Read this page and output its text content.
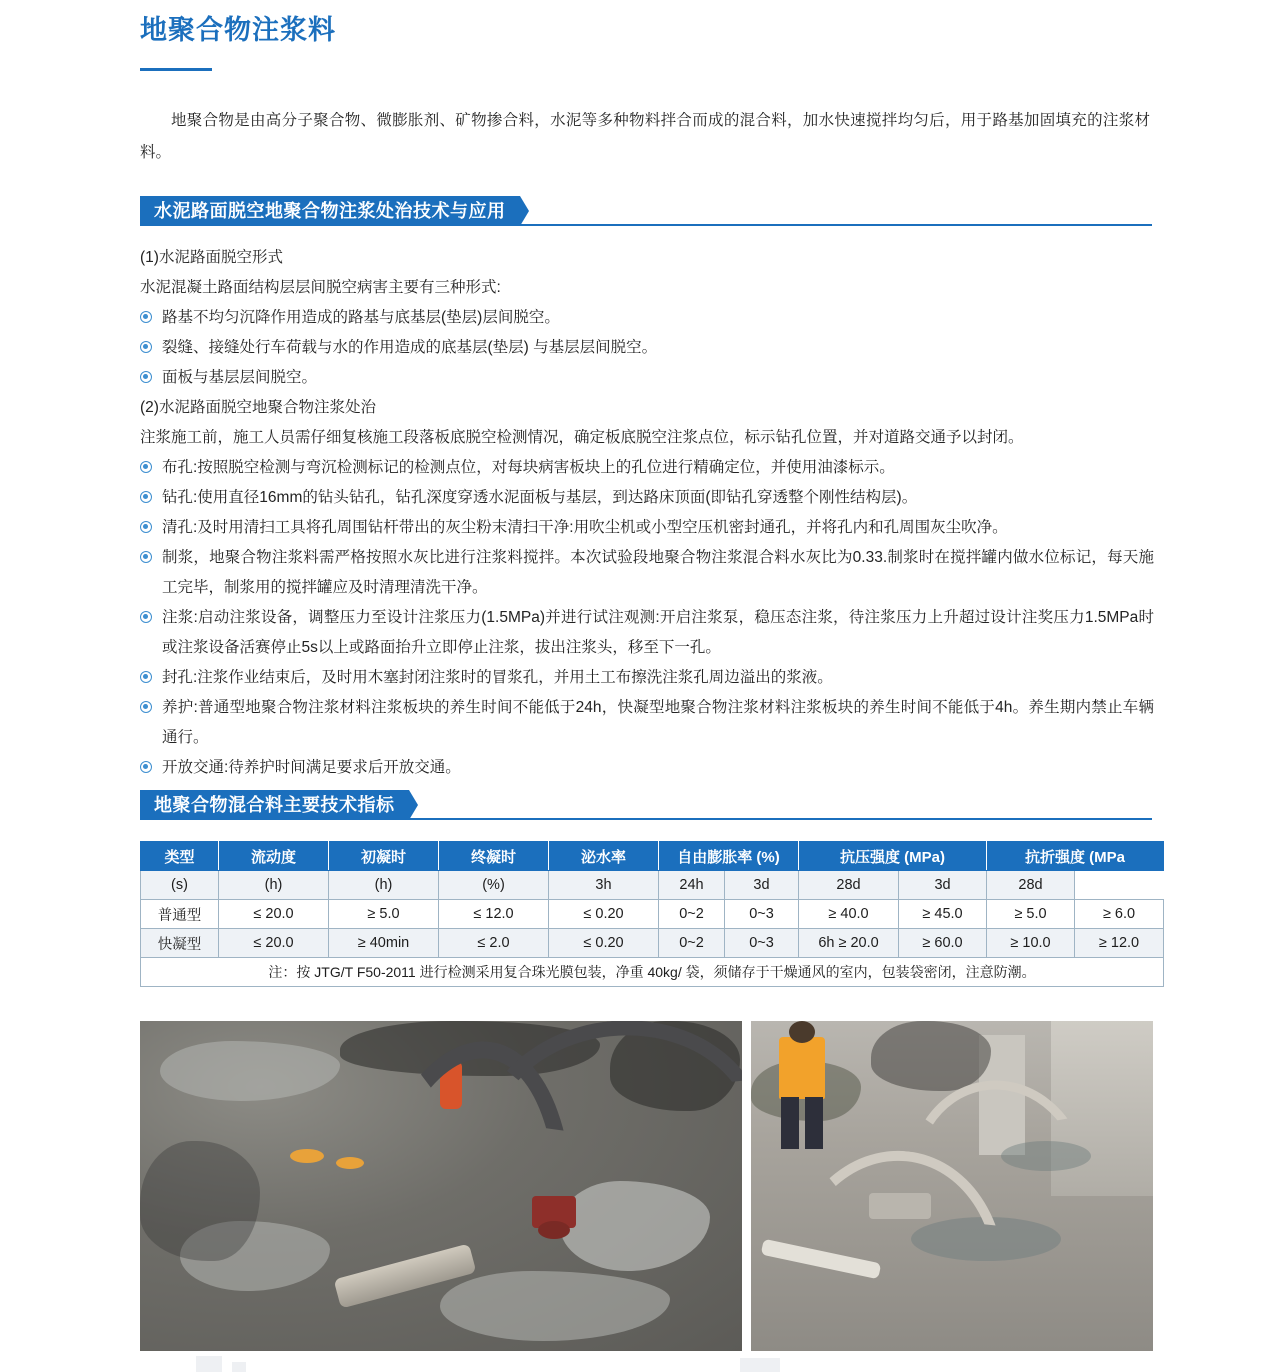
地聚合物注浆料
地聚合物是由高分子聚合物、微膨胀剂、矿物掺合料，水泥等多种物料拌合而成的混合料，加水快速搅拌均匀后，用于路基加固填充的注浆材料。
水泥路面脱空地聚合物注浆处治技术与应用
(1)水泥路面脱空形式
水泥混凝土路面结构层层间脱空病害主要有三种形式:
路基不均匀沉降作用造成的路基与底基层(垫层)层间脱空。
裂缝、接缝处行车荷载与水的作用造成的底基层(垫层) 与基层层间脱空。
面板与基层层间脱空。
(2)水泥路面脱空地聚合物注浆处治
注浆施工前，施工人员需仔细复核施工段落板底脱空检测情况，确定板底脱空注浆点位，标示钻孔位置，并对道路交通予以封闭。
布孔:按照脱空检测与弯沉检测标记的检测点位，对每块病害板块上的孔位进行精确定位，并使用油漆标示。
钻孔:使用直径16mm的钻头钻孔，钻孔深度穿透水泥面板与基层，到达路床顶面(即钻孔穿透整个刚性结构层)。
清孔:及时用清扫工具将孔周围钻杆带出的灰尘粉末清扫干净:用吹尘机或小型空压机密封通孔，并将孔内和孔周围灰尘吹净。
制浆，地聚合物注浆料需严格按照水灰比进行注浆料搅拌。本次试验段地聚合物注浆混合料水灰比为0.33.制浆时在搅拌罐内做水位标记，每天施工完毕，制浆用的搅拌罐应及时清理清洗干净。
注浆:启动注浆设备，调整压力至设计注浆压力(1.5MPa)并进行试注观测:开启注浆泵，稳压态注浆，待注浆压力上升超过设计注奖压力1.5MPa时或注浆设备活赛停止5s以上或路面抬升立即停止注浆，拔出注浆头，移至下一孔。
封孔:注浆作业结束后，及时用木塞封闭注浆时的冒浆孔，并用土工布擦洗注浆孔周边溢出的浆液。
养护:普通型地聚合物注浆材料注浆板块的养生时间不能低于24h，快凝型地聚合物注浆材料注浆板块的养生时间不能低于4h。养生期内禁止车辆通行。
开放交通:待养护时间满足要求后开放交通。
地聚合物混合料主要技术指标
类型	流动度	初凝时	终凝时	泌水率	自由膨胀率 (%)		抗压强度 (MPa)		抗折强度 (MPa	
(s)	(h)	(h)	(%)	3h	24h	3d	28d	3d	28d	
普通型	≤ 20.0	≥ 5.0	≤ 12.0	≤ 0.20	0~2	0~3	≥ 40.0	≥ 45.0	≥ 5.0	≥ 6.0
快凝型	≤ 20.0	≥ 40min	≤ 2.0	≤ 0.20	0~2	0~3	6h ≥ 20.0	≥ 60.0	≥ 10.0	≥ 12.0
注：按 JTG/T F50-2011 进行检测采用复合珠光膜包装，净重 40kg/ 袋，须储存于干燥通风的室内，包装袋密闭，注意防潮。										
